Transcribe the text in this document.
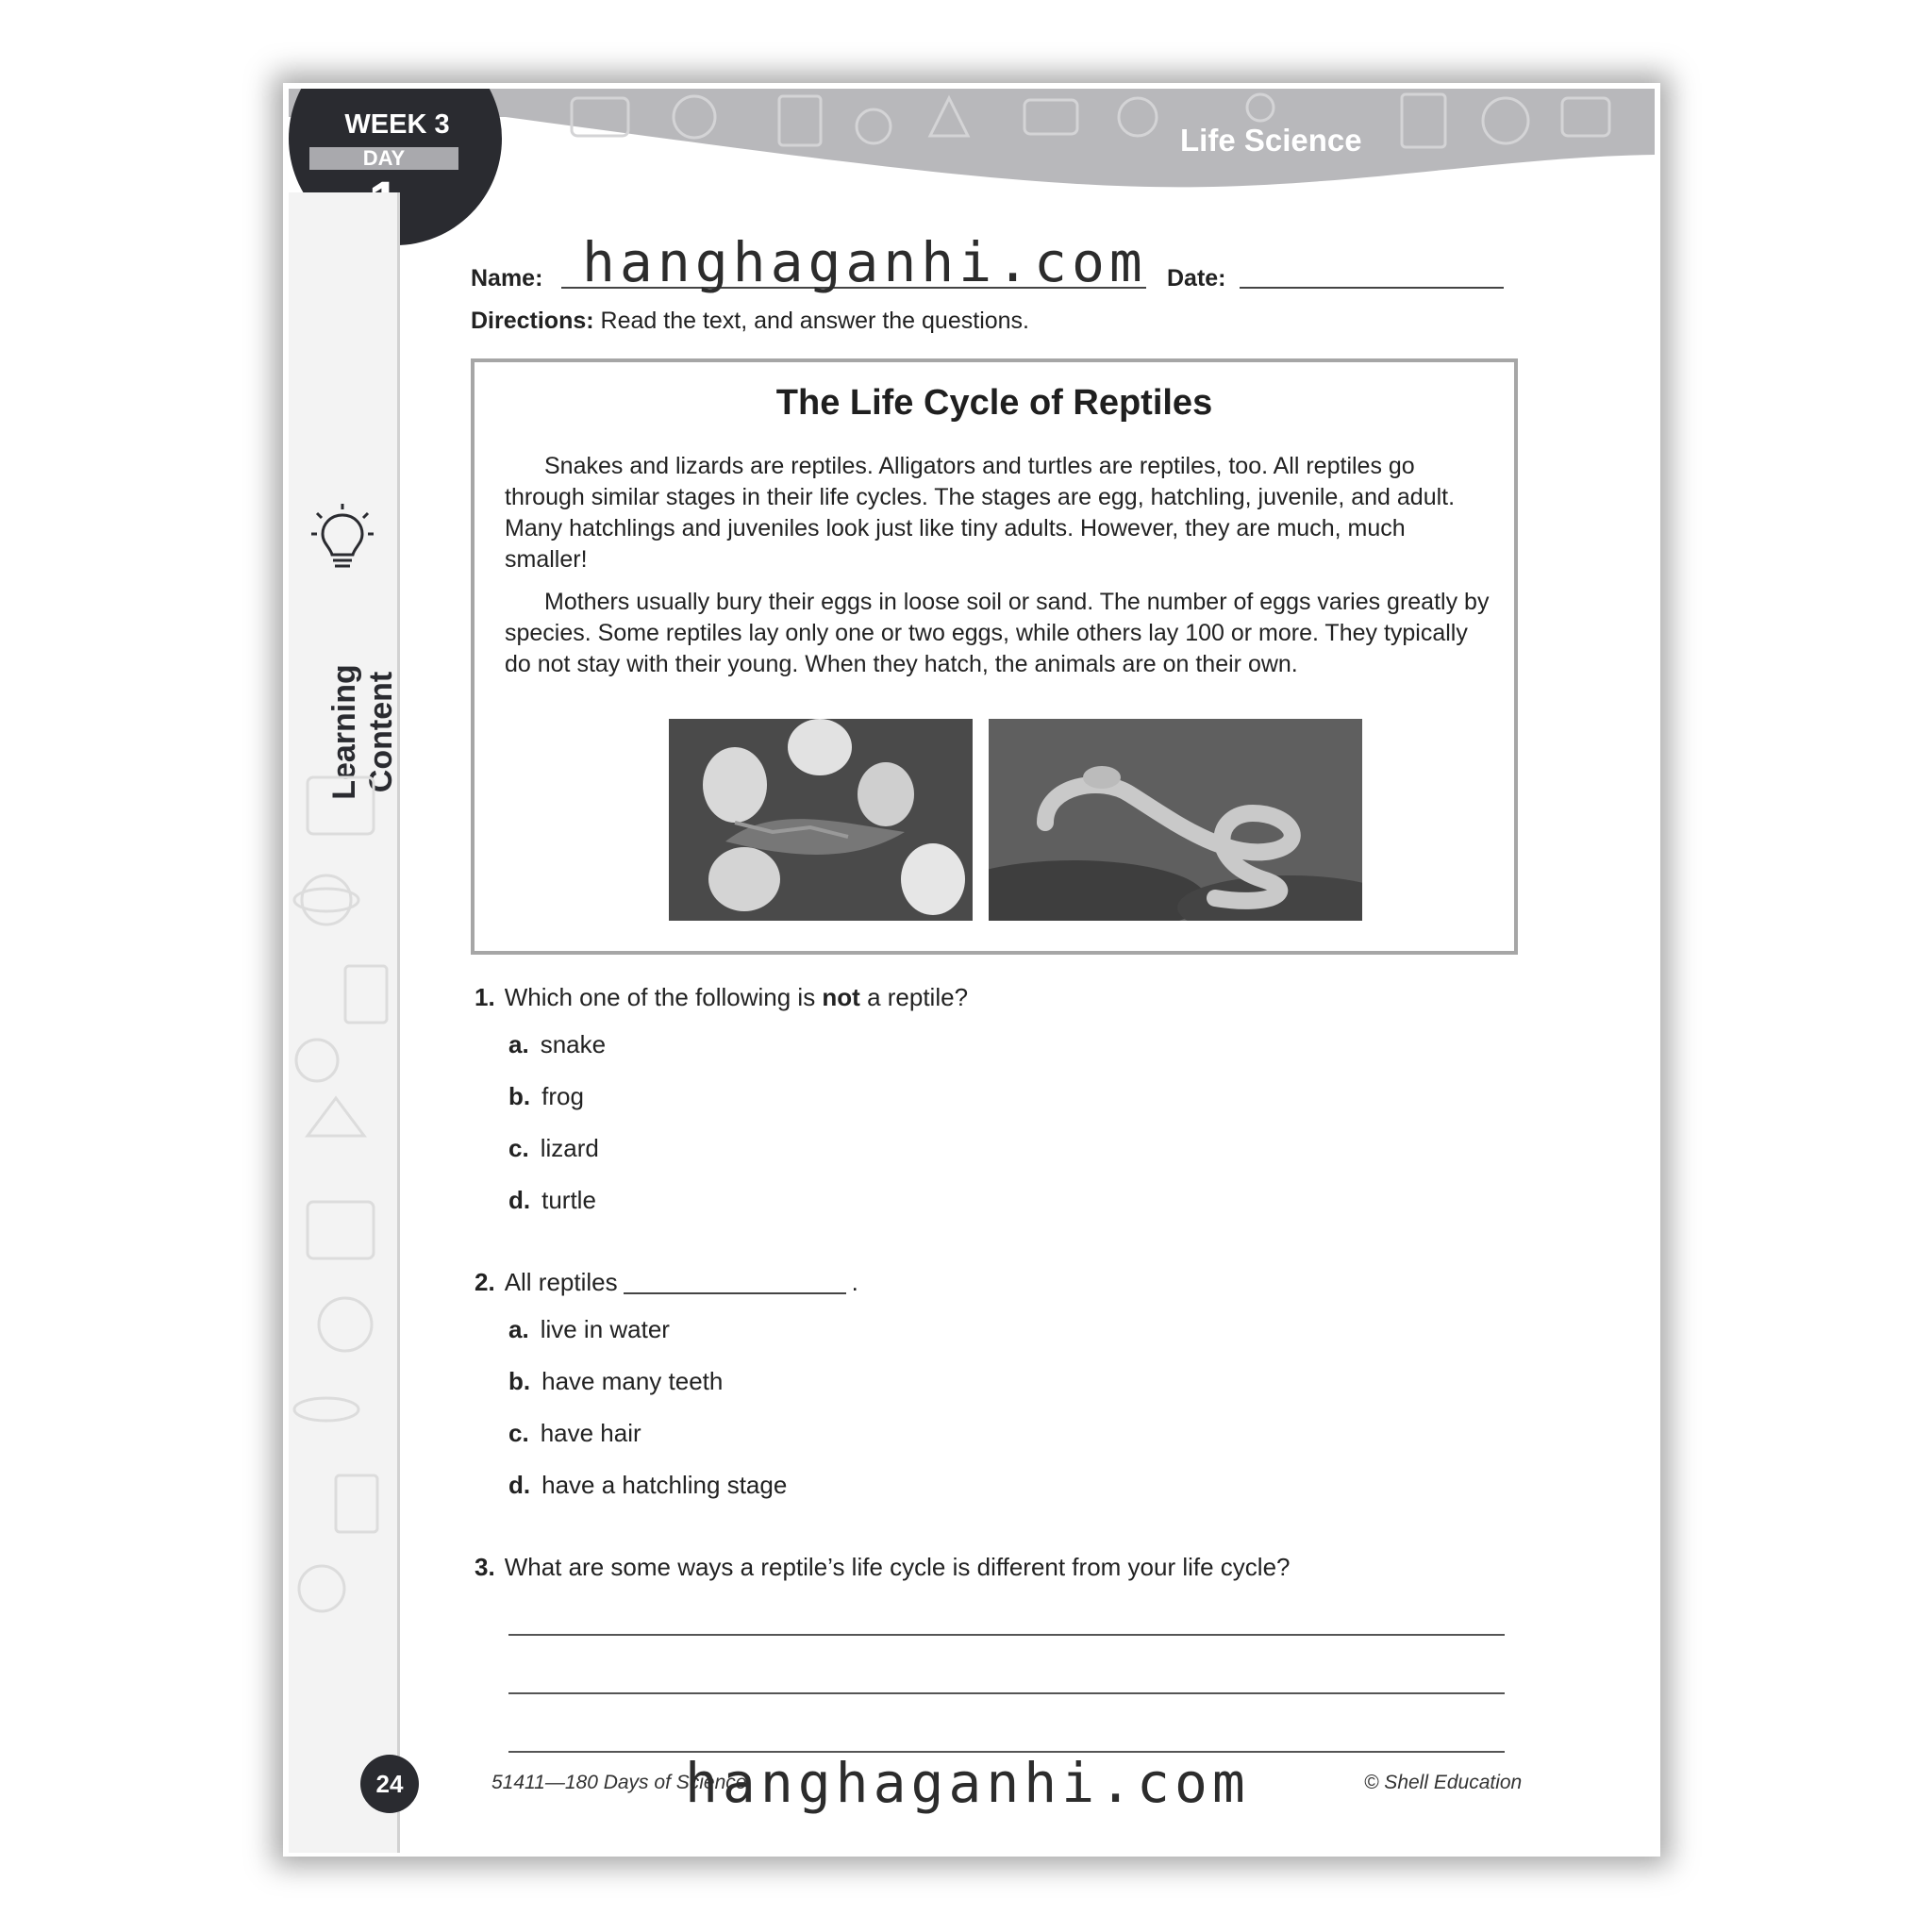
WEEK 3
DAY
Life Science
Learning Content
24
Name: hanghaganhi.com Date:
Directions: Read the text, and answer the questions.
The Life Cycle of Reptiles
Snakes and lizards are reptiles. Alligators and turtles are reptiles, too. All reptiles go through similar stages in their life cycles. The stages are egg, hatchling, juvenile, and adult. Many hatchlings and juveniles look just like tiny adults. However, they are much, much smaller!
Mothers usually bury their eggs in loose soil or sand. The number of eggs varies greatly by species. Some reptiles lay only one or two eggs, while others lay 100 or more. They typically do not stay with their young. When they hatch, the animals are on their own.
1. Which one of the following is not a reptile?
a. snake
b. frog
c. lizard
d. turtle
2. All reptiles	.
a. live in water
b. have many teeth
c. have hair
d. have a hatchling stage
3. What are some ways a reptile’s life cycle is different from your life cycle?
51411—180 Days of Science	© Shell Education
hanghaganhi.com
